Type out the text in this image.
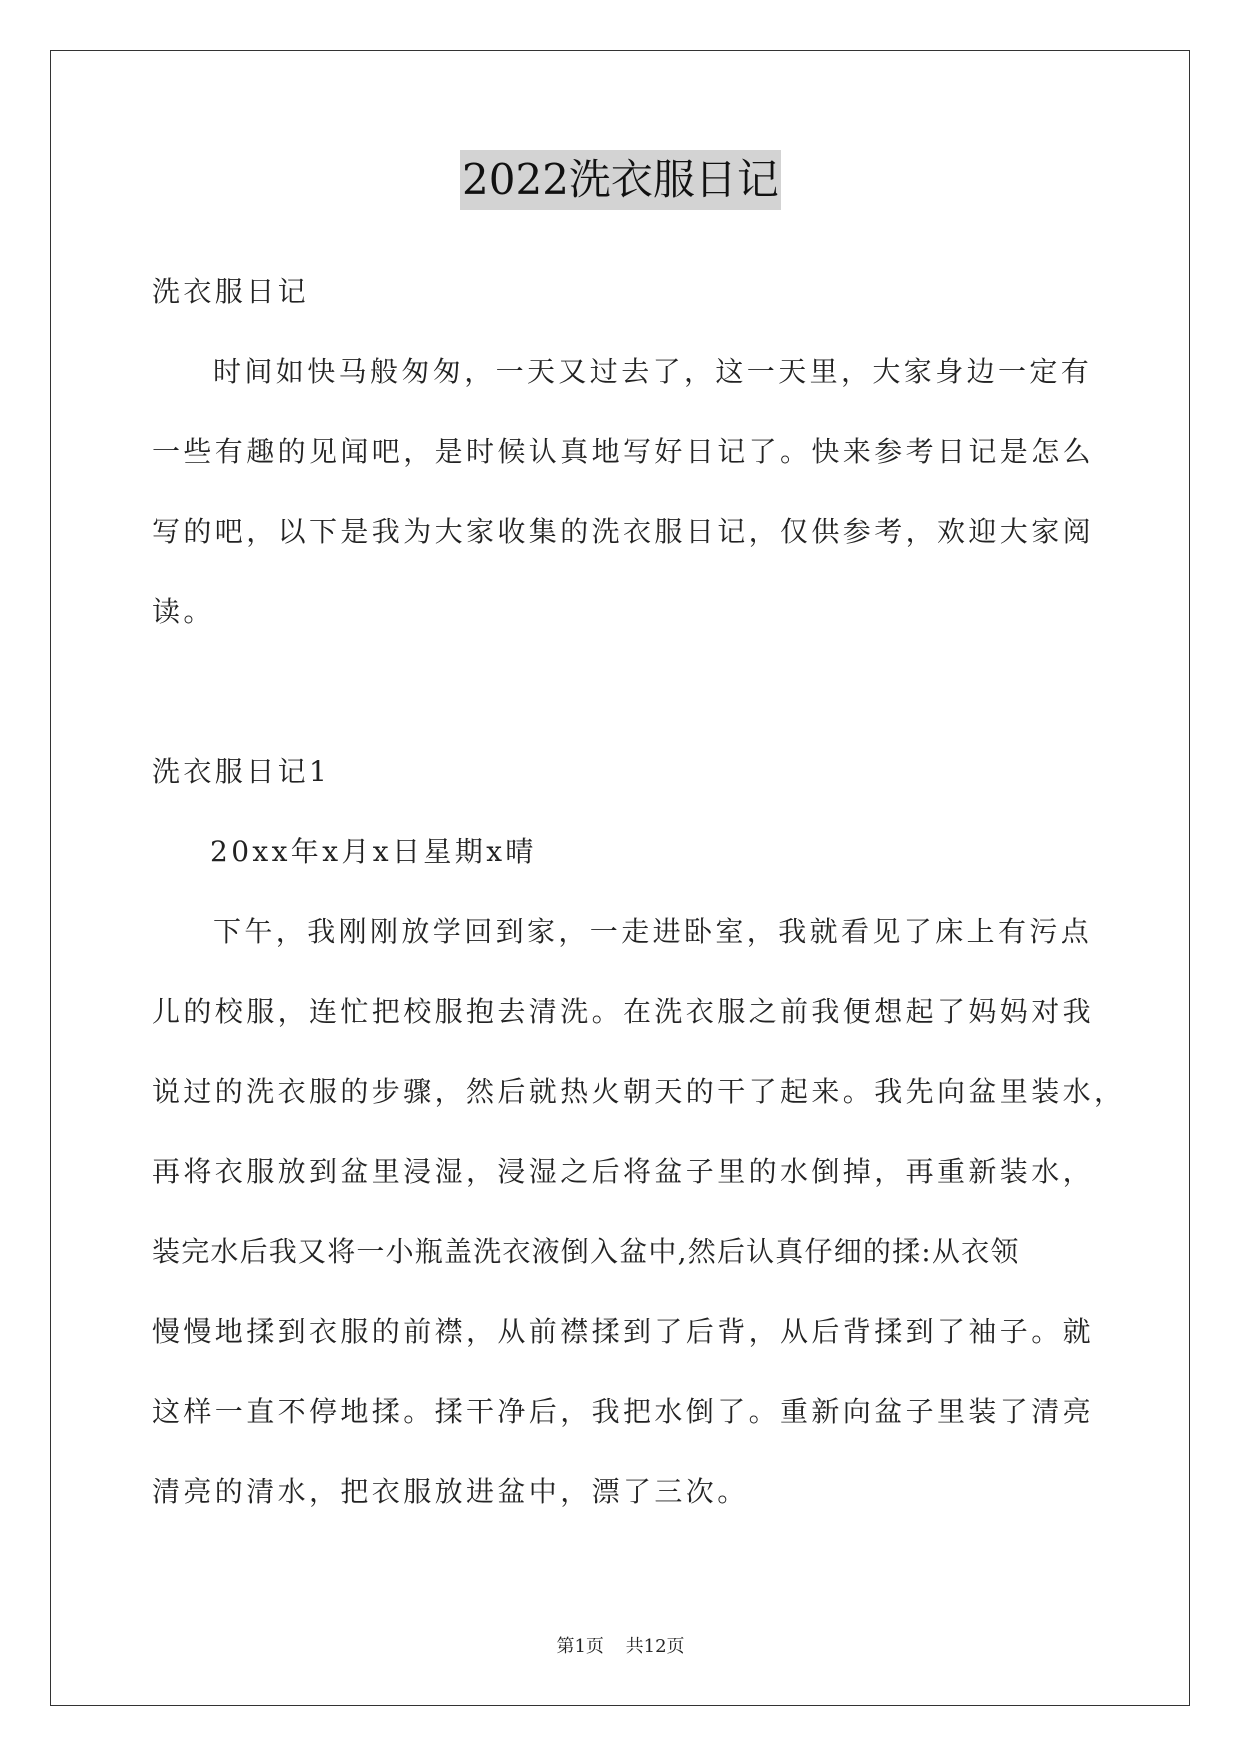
2022洗衣服日记
洗衣服日记
时间如快马般匆匆，一天又过去了，这一天里，大家身边一定有
一些有趣的见闻吧，是时候认真地写好日记了。快来参考日记是怎么
写的吧，以下是我为大家收集的洗衣服日记，仅供参考，欢迎大家阅
读。
洗衣服日记1
20xx年x月x日星期x晴
下午，我刚刚放学回到家，一走进卧室，我就看见了床上有污点
儿的校服，连忙把校服抱去清洗。在洗衣服之前我便想起了妈妈对我
说过的洗衣服的步骤，然后就热火朝天的干了起来。我先向盆里装水，
再将衣服放到盆里浸湿，浸湿之后将盆子里的水倒掉，再重新装水，
装完水后我又将一小瓶盖洗衣液倒入盆中,然后认真仔细的揉:从衣领
慢慢地揉到衣服的前襟，从前襟揉到了后背，从后背揉到了袖子。就
这样一直不停地揉。揉干净后，我把水倒了。重新向盆子里装了清亮
清亮的清水，把衣服放进盆中，漂了三次。
第1页 共12页
